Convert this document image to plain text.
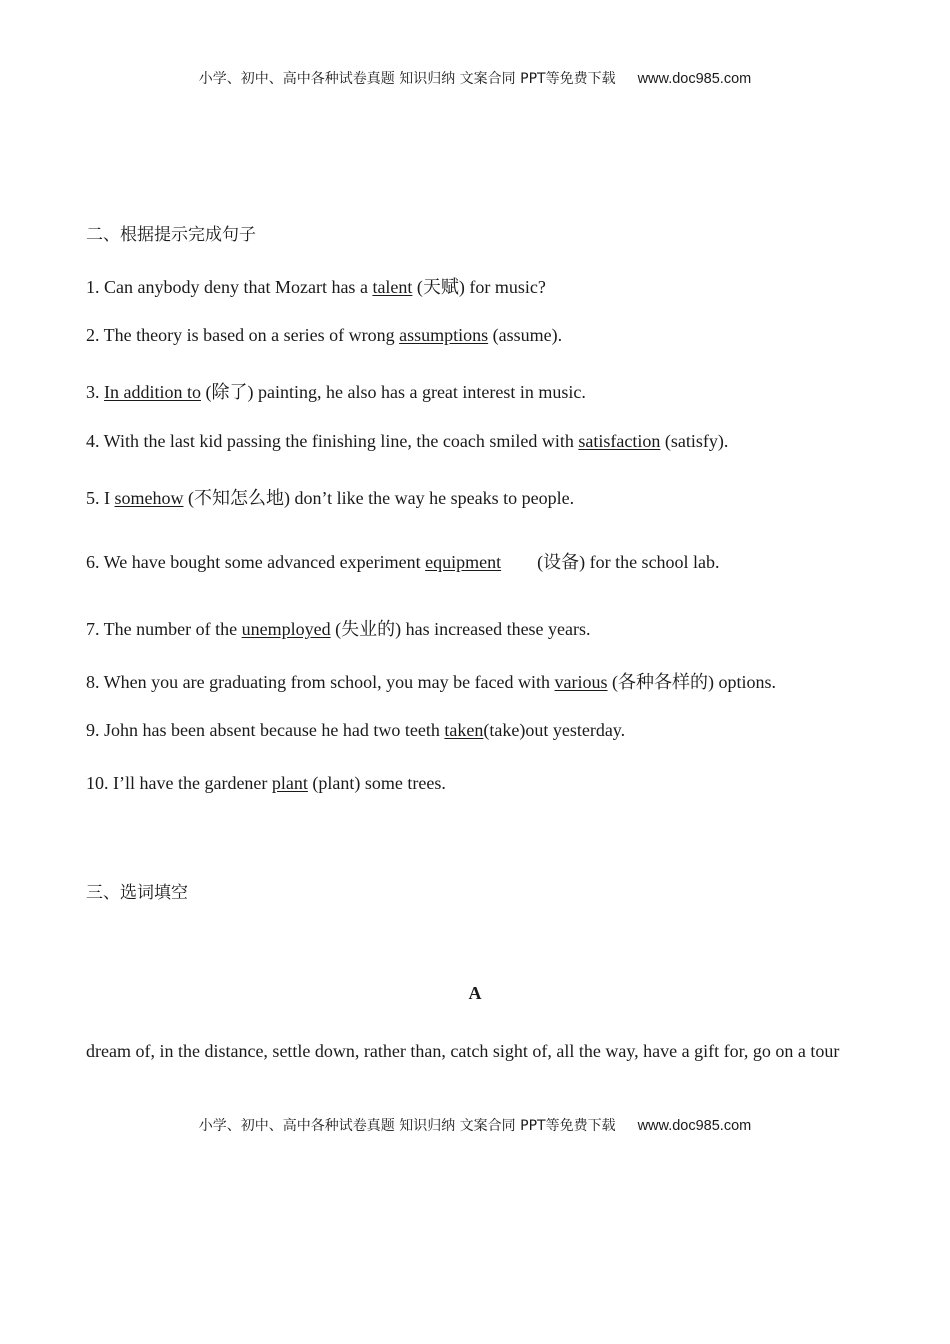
小学、初中、高中各种试卷真题 知识归纳 文案合同 PPT等免费下载 www.doc985.com
二、根据提示完成句子
1. Can anybody deny that Mozart has a talent (天赋) for music?
2. The theory is based on a series of wrong assumptions (assume).
3. In addition to (除了) painting, he also has a great interest in music.
4. With the last kid passing the finishing line, the coach smiled with satisfaction (satisfy).
5. I somehow (不知怎么地) don’t like the way he speaks to people.
6. We have bought some advanced experiment equipment        (设备) for the school lab.
7. The number of the unemployed (失业的) has increased these years.
8. When you are graduating from school, you may be faced with various (各种各样的) options.
9. John has been absent because he had two teeth taken(take)out yesterday.
10. I’ll have the gardener plant (plant) some trees.
三、选词填空
A
dream of, in the distance, settle down, rather than, catch sight of, all the way, have a gift for, go on a tour
小学、初中、高中各种试卷真题 知识归纳 文案合同 PPT等免费下载 www.doc985.com
